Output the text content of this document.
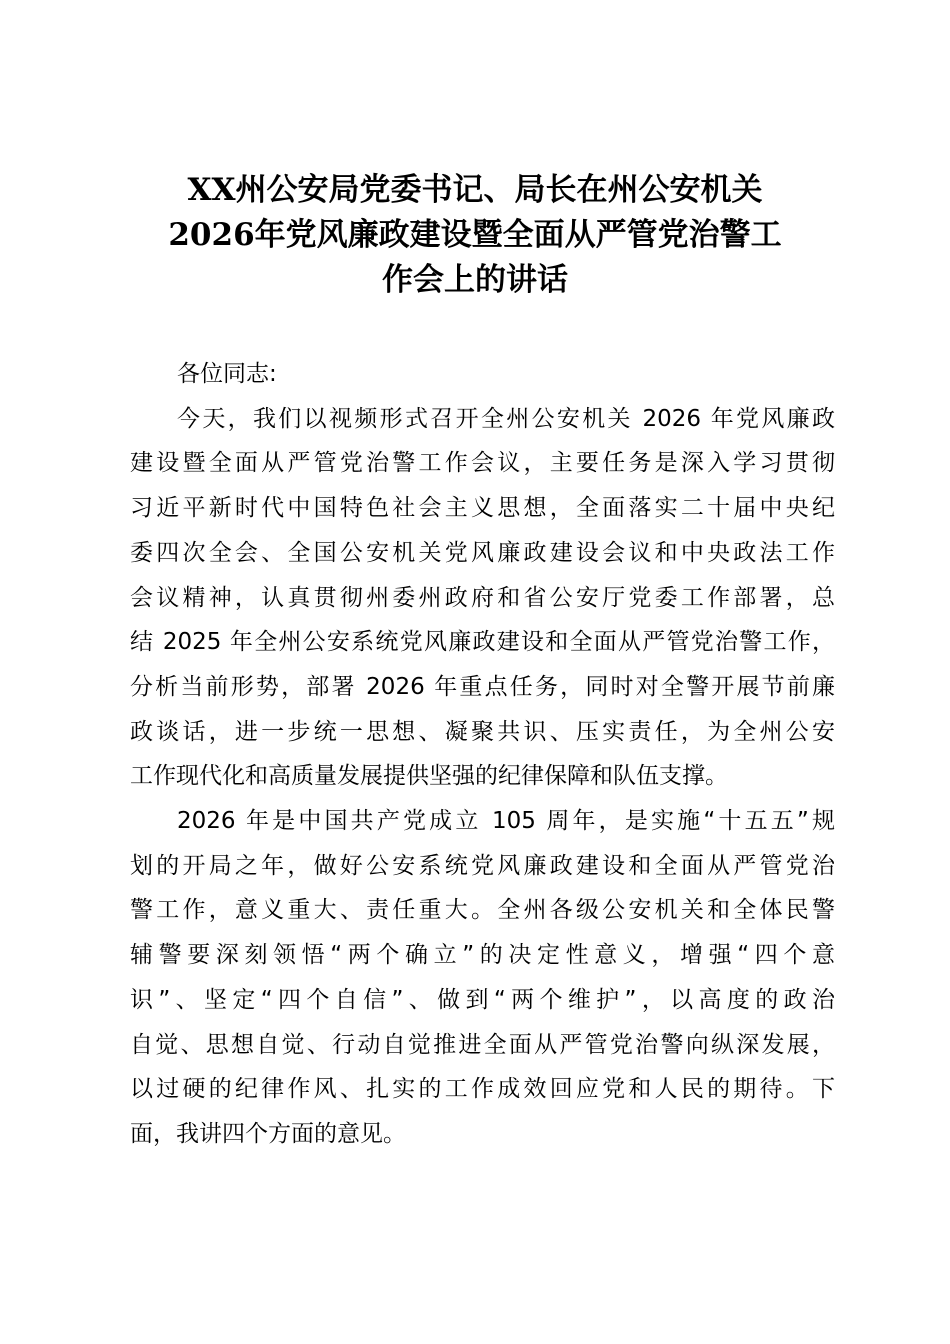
XX州公安局党委书记、局长在州公安机关
2026年党风廉政建设暨全面从严管党治警工
作会上的讲话

各位同志:

今天，我们以视频形式召开全州公安机关 2026 年党风廉政
建设暨全面从严管党治警工作会议，主要任务是深入学习贯彻
习近平新时代中国特色社会主义思想，全面落实二十届中央纪
委四次全会、全国公安机关党风廉政建设会议和中央政法工作
会议精神，认真贯彻州委州政府和省公安厅党委工作部署，总
结 2025 年全州公安系统党风廉政建设和全面从严管党治警工作，
分析当前形势，部署 2026 年重点任务，同时对全警开展节前廉
政谈话，进一步统一思想、凝聚共识、压实责任，为全州公安
工作现代化和高质量发展提供坚强的纪律保障和队伍支撑。

2026 年是中国共产党成立 105 周年，是实施“十五五”规
划的开局之年，做好公安系统党风廉政建设和全面从严管党治
警工作，意义重大、责任重大。全州各级公安机关和全体民警
辅警要深刻领悟“两个确立”的决定性意义，增强“四个意
识”、坚定“四个自信”、做到“两个维护”，以高度的政治
自觉、思想自觉、行动自觉推进全面从严管党治警向纵深发展，
以过硬的纪律作风、扎实的工作成效回应党和人民的期待。下
面，我讲四个方面的意见。
